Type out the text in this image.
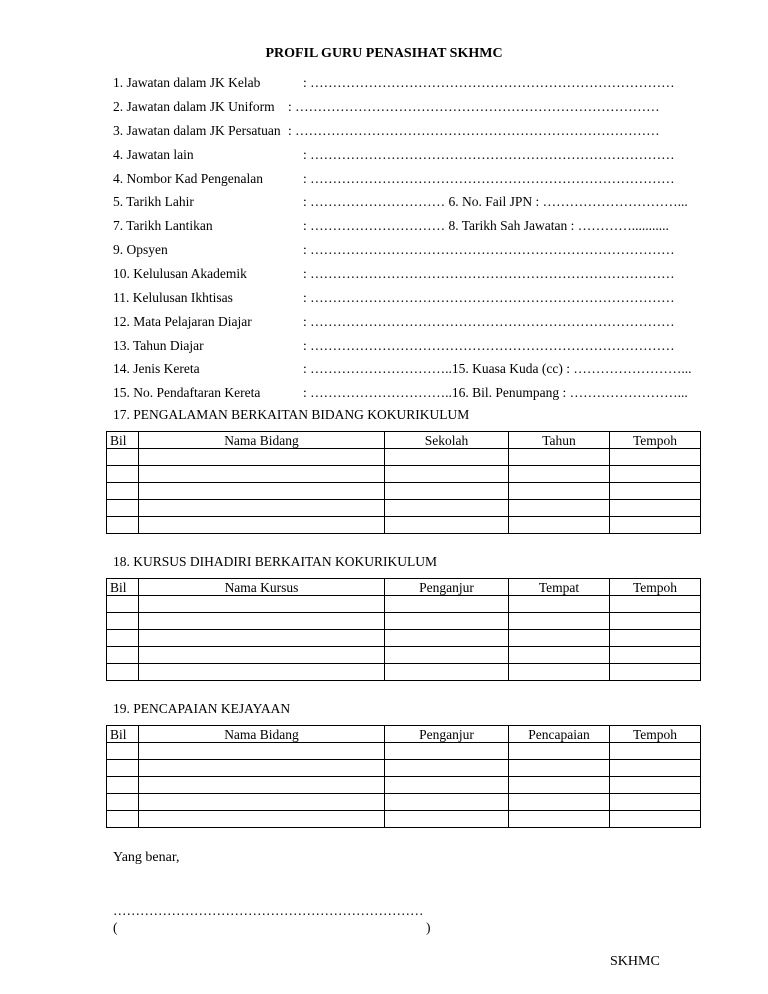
PROFIL GURU PENASIHAT SKHMC
1. Jawatan dalam JK Kelab	: ………………………………………………………………………
2. Jawatan dalam JK Uniform : ………………………………………………………………………
3. Jawatan dalam JK Persatuan : ………………………………………………………………………
4. Jawatan lain	: ………………………………………………………………………
4. Nombor Kad Pengenalan	: ………………………………………………………………………
5. Tarikh Lahir	: ………………………… 6. No. Fail JPN : …………………………...
7. Tarikh Lantikan	: ………………………… 8. Tarikh Sah Jawatan : …………...........
9. Opsyen	: ………………………………………………………………………
10. Kelulusan Akademik	: ………………………………………………………………………
11. Kelulusan Ikhtisas	: ………………………………………………………………………
12. Mata Pelajaran Diajar	: ………………………………………………………………………
13. Tahun Diajar	: ………………………………………………………………………
14. Jenis Kereta	: …………………………..15. Kuasa Kuda (cc) : ……………………...
15. No. Pendaftaran Kereta	: …………………………..16. Bil. Penumpang : ……………………...
17. PENGALAMAN BERKAITAN BIDANG KOKURIKULUM
Bil	Nama Bidang	Sekolah	Tahun	Tempoh

18. KURSUS DIHADIRI BERKAITAN KOKURIKULUM
Bil	Nama Kursus	Penganjur	Tempat	Tempoh

19. PENCAPAIAN KEJAYAAN
Bil	Nama Bidang	Penganjur	Pencapaian	Tempoh

Yang benar,
……………………………………………………………
(	)
SKHMC
